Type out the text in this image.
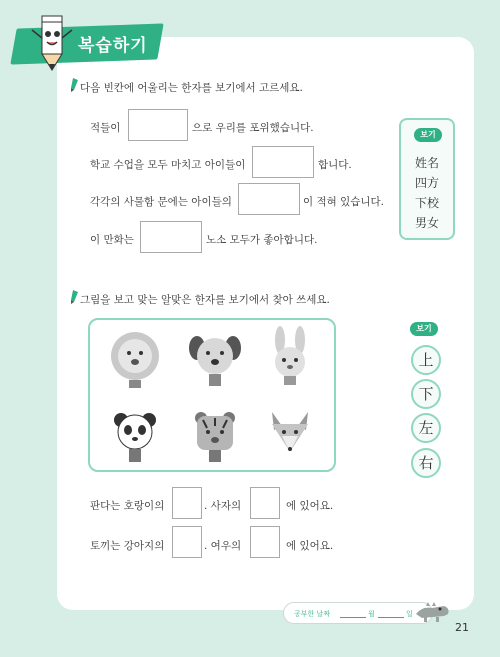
복습하기
다음 빈칸에 어울리는 한자를 보기에서 고르세요.
적들이	으로 우리를 포위했습니다.
학교 수업을 모두 마치고 아이들이	합니다.
각각의 사물함 문에는 아이들의	이 적혀 있습니다.
이 만화는	노소 모두가 좋아합니다.
보기
姓名
四方
下校
男女
그림을 보고 맞는 알맞은 한자를 보기에서 찾아 쓰세요.
보기
上
下
左
右
판다는 호랑이의	. 사자의	에 있어요.
토끼는 강아지의	. 여우의	에 있어요.
공부한 날짜	월	일
21
